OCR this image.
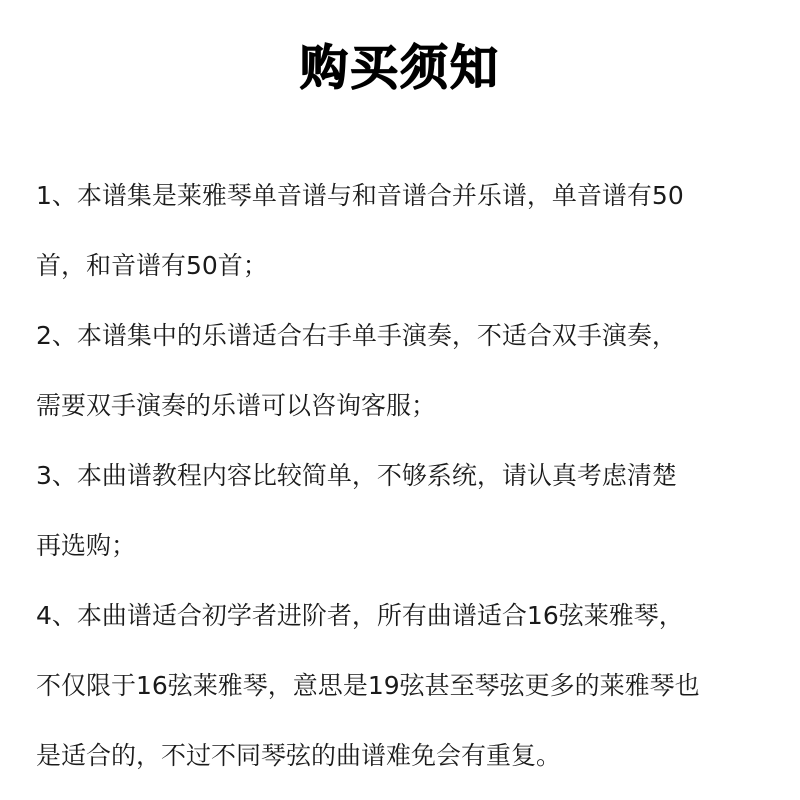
购买须知
1、本谱集是莱雅琴单音谱与和音谱合并乐谱，单音谱有50
首，和音谱有50首；
2、本谱集中的乐谱适合右手单手演奏，不适合双手演奏，
需要双手演奏的乐谱可以咨询客服；
3、本曲谱教程内容比较简单，不够系统，请认真考虑清楚
再选购；
4、本曲谱适合初学者进阶者，所有曲谱适合16弦莱雅琴，
不仅限于16弦莱雅琴，意思是19弦甚至琴弦更多的莱雅琴也
是适合的，不过不同琴弦的曲谱难免会有重复。
